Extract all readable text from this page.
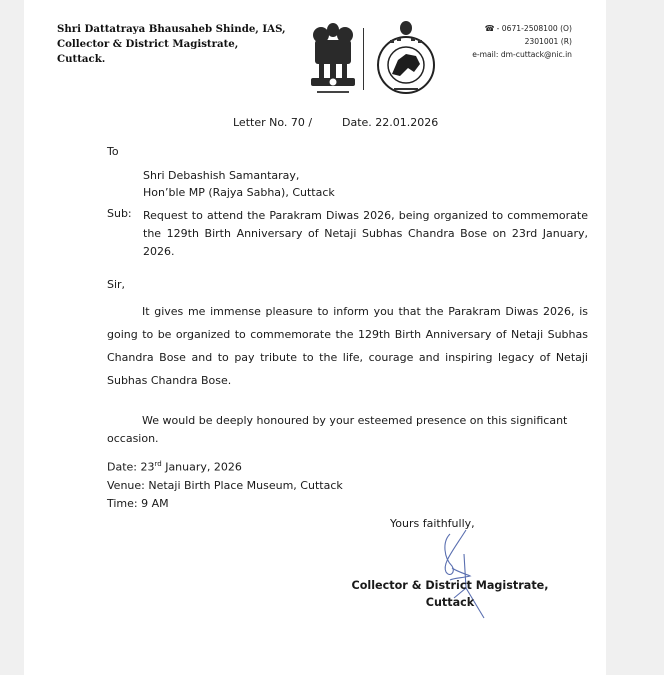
Shri Dattatraya Bhausaheb Shinde, IAS,
Collector & District Magistrate,
Cuttack.
☎ - 0671-2508100 (O)
2301001 (R)
e-mail: dm-cuttack@nic.in
Letter No. 70 /	Date. 22.01.2026
To
Shri Debashish Samantaray,
Hon’ble MP (Rajya Sabha), Cuttack
Sub: Request to attend the Parakram Diwas 2026, being organized to commemorate the 129th Birth Anniversary of Netaji Subhas Chandra Bose on 23rd January, 2026.
Sir,
It gives me immense pleasure to inform you that the Parakram Diwas 2026, is going to be organized to commemorate the 129th Birth Anniversary of Netaji Subhas Chandra Bose and to pay tribute to the life, courage and inspiring legacy of Netaji Subhas Chandra Bose.
We would be deeply honoured by your esteemed presence on this significant occasion.
Date: 23rd January, 2026
Venue: Netaji Birth Place Museum, Cuttack
Time: 9 AM
Yours faithfully,
Collector & District Magistrate,
Cuttack
